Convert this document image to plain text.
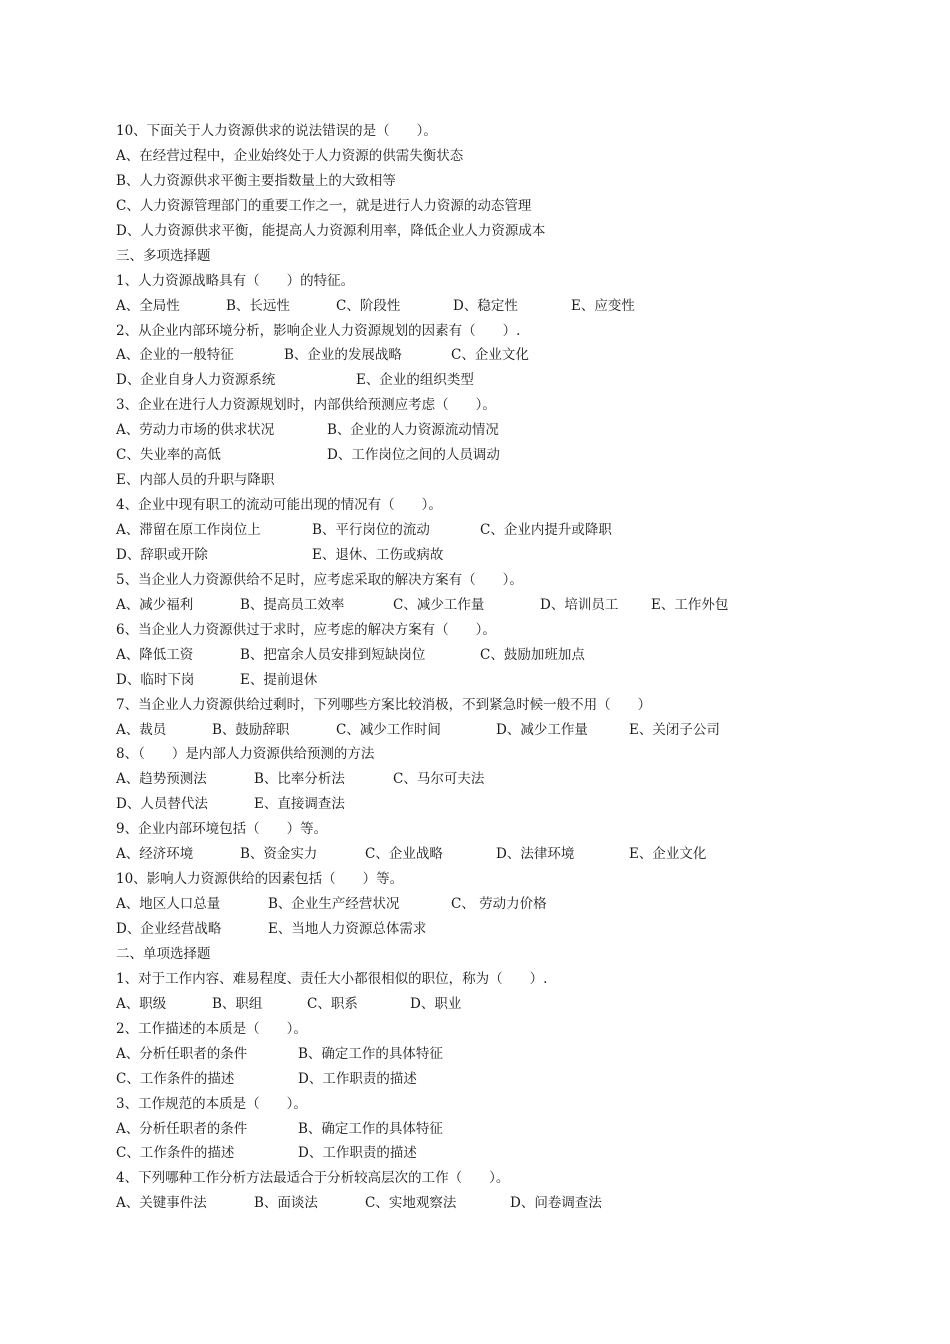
10、下面关于人力资源供求的说法错误的是（　　）。
A、在经营过程中，企业始终处于人力资源的供需失衡状态
B、人力资源供求平衡主要指数量上的大致相等
C、人力资源管理部门的重要工作之一，就是进行人力资源的动态管理
D、人力资源供求平衡，能提高人力资源利用率，降低企业人力资源成本
三、多项选择题
1、人力资源战略具有（　　）的特征。
A、全局性	B、长远性	C、阶段性	D、稳定性	E、应变性
2、从企业内部环境分析，影响企业人力资源规划的因素有（　　）.
A、企业的一般特征	B、企业的发展战略	C、企业文化
D、企业自身人力资源系统	E、企业的组织类型
3、企业在进行人力资源规划时，内部供给预测应考虑（　　）。
A、劳动力市场的供求状况	B、企业的人力资源流动情况
C、失业率的高低	D、工作岗位之间的人员调动
E、内部人员的升职与降职
4、企业中现有职工的流动可能出现的情况有（　　）。
A、滞留在原工作岗位上	B、平行岗位的流动	C、企业内提升或降职
D、辞职或开除	E、退休、工伤或病故
5、当企业人力资源供给不足时，应考虑采取的解决方案有（　　）。
A、减少福利	B、提高员工效率	C、减少工作量	D、培训员工 E、工作外包
6、当企业人力资源供过于求时，应考虑的解决方案有（　　）。
A、降低工资	B、把富余人员安排到短缺岗位	C、鼓励加班加点
D、临时下岗	E、提前退休
7、当企业人力资源供给过剩时，下列哪些方案比较消极，不到紧急时候一般不用（　　）
A、裁员	B、鼓励辞职	C、减少工作时间	D、减少工作量	E、关闭子公司
8、（　　）是内部人力资源供给预测的方法
A、趋势预测法	B、比率分析法	C、马尔可夫法
D、人员替代法	E、直接调查法
9、企业内部环境包括（　　）等。
A、经济环境	B、资金实力	C、企业战略	D、法律环境	E、企业文化
10、影响人力资源供给的因素包括（　　）等。
A、地区人口总量	B、企业生产经营状况	C、 劳动力价格
D、企业经营战略	E、当地人力资源总体需求
二、单项选择题
1、对于工作内容、难易程度、责任大小都很相似的职位，称为（　　）.
A、职级	B、职组	C、职系	D、职业
2、工作描述的本质是（　　）。
A、分析任职者的条件	B、确定工作的具体特征
C、工作条件的描述	D、工作职责的描述
3、工作规范的本质是（　　）。
A、分析任职者的条件	B、确定工作的具体特征
C、工作条件的描述	D、工作职责的描述
4、下列哪种工作分析方法最适合于分析较高层次的工作（　　）。
A、关键事件法	B、面谈法	C、实地观察法	D、问卷调查法
